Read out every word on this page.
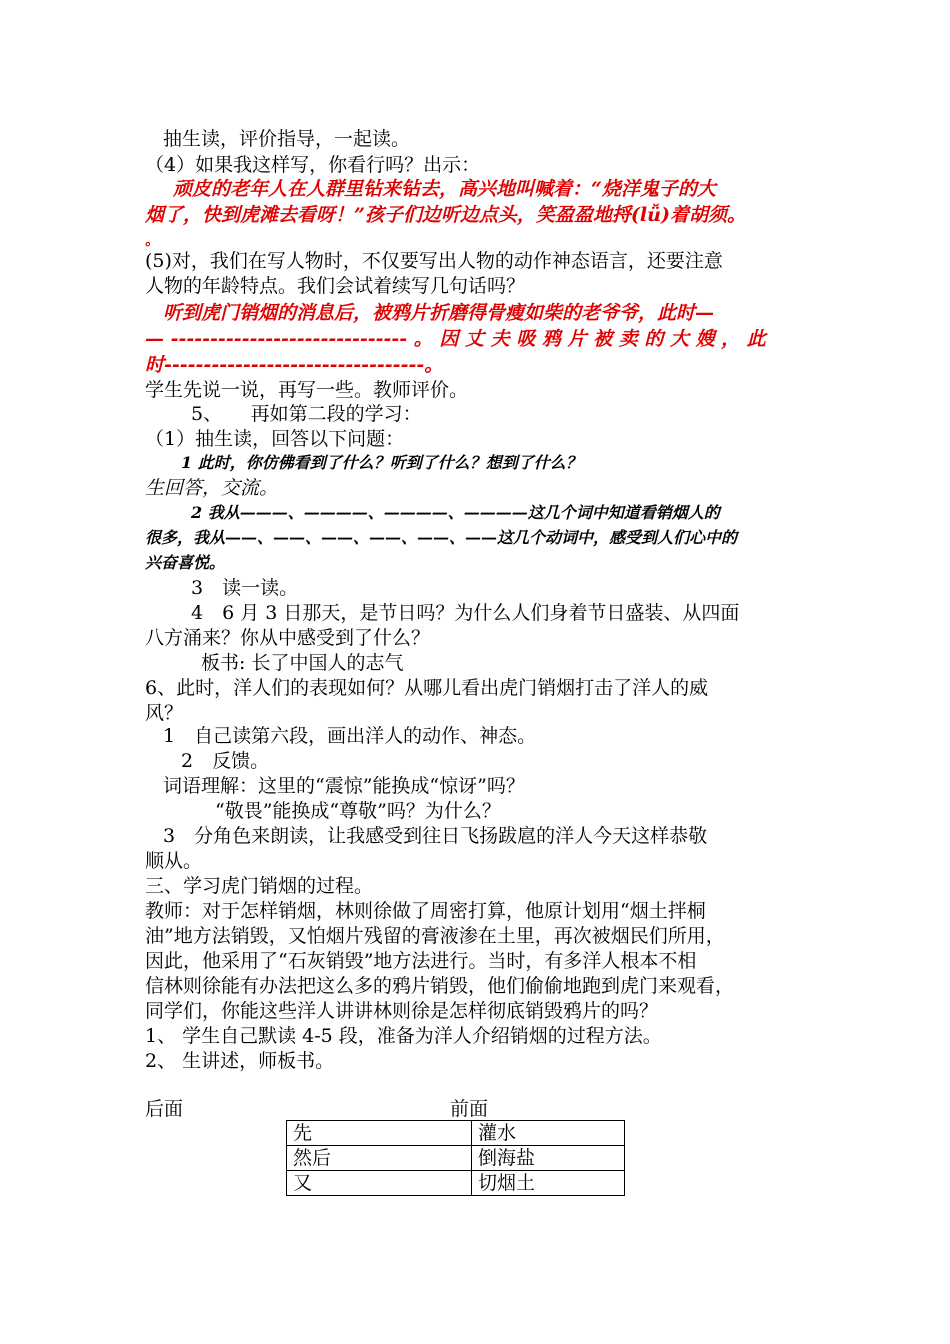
抽生读，评价指导，一起读。
（4）如果我这样写，你看行吗？出示：
顽皮的老年人在人群里钻来钻去，高兴地叫喊着：“烧洋鬼子的大
烟了，快到虎滩去看呀！”孩子们边听边点头，笑盈盈地捋(lǚ)着胡须。
。
(5)对，我们在写人物时，不仅要写出人物的动作神态语言，还要注意
人物的年龄特点。我们会试着续写几句话吗？
听到虎门销烟的消息后，被鸦片折磨得骨瘦如柴的老爷爷，此时—
— ------------------------------ 。 因 丈 夫 吸 鸦 片 被 卖 的 大 嫂 ， 此
时---------------------------------。
学生先说一说，再写一些。教师评价。
5、　　再如第二段的学习：
（1）抽生读，回答以下问题：
1 此时，你仿佛看到了什么？听到了什么？想到了什么？
生回答，交流。
2 我从———、————、————、————这几个词中知道看销烟人的
很多，我从——、——、——、——、——、——这几个动词中，感受到人们心中的
兴奋喜悦。
3　读一读。
4　6 月 3 日那天，是节日吗？为什么人们身着节日盛装、从四面
八方涌来？你从中感受到了什么？
板书: 长了中国人的志气
6、此时，洋人们的表现如何？从哪儿看出虎门销烟打击了洋人的威
风？
1　自己读第六段，画出洋人的动作、神态。
2　反馈。
词语理解：这里的“震惊”能换成“惊讶”吗？
“敬畏”能换成“尊敬”吗？为什么？
3　分角色来朗读，让我感受到往日飞扬跋扈的洋人今天这样恭敬
顺从。
三、学习虎门销烟的过程。
教师：对于怎样销烟，林则徐做了周密打算，他原计划用“烟土拌桐
油”地方法销毁，又怕烟片残留的膏液渗在土里，再次被烟民们所用，
因此，他采用了“石灰销毁”地方法进行。当时，有多洋人根本不相
信林则徐能有办法把这么多的鸦片销毁，他们偷偷地跑到虎门来观看，
同学们，你能这些洋人讲讲林则徐是怎样彻底销毁鸦片的吗？
1、 学生自己默读 4-5 段，准备为洋人介绍销烟的过程方法。
2、 生讲述，师板书。
后面	前面
先	灌水
然后	倒海盐
又	切烟土
